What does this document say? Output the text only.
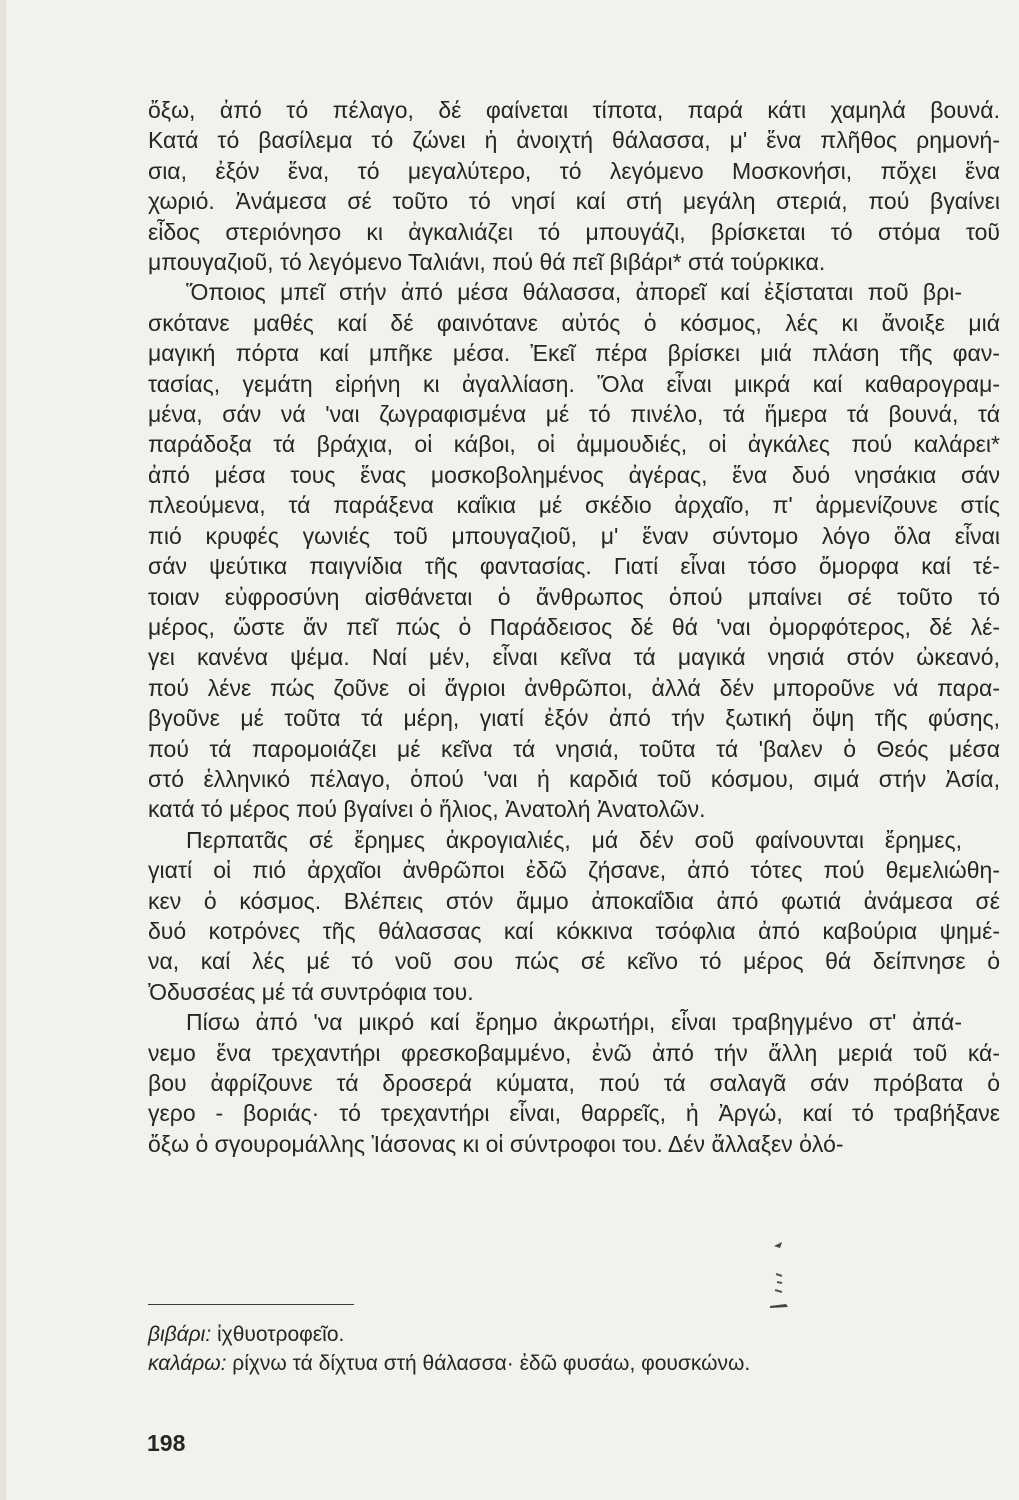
ὄξω, ἀπό τό πέλαγο, δέ φαίνεται τίποτα, παρά κάτι χαμηλά βουνά.
Κατά τό βασίλεμα τό ζώνει ἡ ἀνοιχτή θάλασσα, μ' ἕνα πλῆθος ρημονή-
σια, ἐξόν ἕνα, τό μεγαλύτερο, τό λεγόμενο Μοσκονήσι, πὄχει ἕνα
χωριό. Ἀνάμεσα σέ τοῦτο τό νησί καί στή μεγάλη στεριά, πού βγαίνει
εἶδος στεριόνησο κι ἀγκαλιάζει τό μπουγάζι, βρίσκεται τό στόμα τοῦ
μπουγαζιοῦ, τό λεγόμενο Ταλιάνι, πού θά πεῖ βιβάρι* στά τούρκικα.

Ὅποιος μπεῖ στήν ἀπό μέσα θάλασσα, ἀπορεῖ καί ἐξίσταται ποῦ βρι-
σκότανε μαθές καί δέ φαινότανε αὐτός ὁ κόσμος, λές κι ἄνοιξε μιά
μαγική πόρτα καί μπῆκε μέσα. Ἐκεῖ πέρα βρίσκει μιά πλάση τῆς φαν-
τασίας, γεμάτη εἰρήνη κι ἀγαλλίαση. Ὅλα εἶναι μικρά καί καθαρογραμ-
μένα, σάν νά 'ναι ζωγραφισμένα μέ τό πινέλο, τά ἥμερα τά βουνά, τά
παράδοξα τά βράχια, οἱ κάβοι, οἱ ἀμμουδιές, οἱ ἀγκάλες πού καλάρει*
ἀπό μέσα τους ἕνας μοσκοβολημένος ἀγέρας, ἕνα δυό νησάκια σάν
πλεούμενα, τά παράξενα καΐκια μέ σκέδιο ἀρχαῖο, π' ἀρμενίζουνε στίς
πιό κρυφές γωνιές τοῦ μπουγαζιοῦ, μ' ἕναν σύντομο λόγο ὅλα εἶναι
σάν ψεύτικα παιγνίδια τῆς φαντασίας. Γιατί εἶναι τόσο ὄμορφα καί τέ-
τοιαν εὐφροσύνη αἰσθάνεται ὁ ἄνθρωπος ὁπού μπαίνει σέ τοῦτο τό
μέρος, ὥστε ἄν πεῖ πώς ὁ Παράδεισος δέ θά 'ναι ὀμορφότερος, δέ λέ-
γει κανένα ψέμα. Ναί μέν, εἶναι κεῖνα τά μαγικά νησιά στόν ὠκεανό,
πού λένε πώς ζοῦνε οἱ ἄγριοι ἀνθρῶποι, ἀλλά δέν μποροῦνε νά παρα-
βγοῦνε μέ τοῦτα τά μέρη, γιατί ἐξόν ἀπό τήν ξωτική ὄψη τῆς φύσης,
πού τά παρομοιάζει μέ κεῖνα τά νησιά, τοῦτα τά 'βαλεν ὁ Θεός μέσα
στό ἑλληνικό πέλαγο, ὁπού 'ναι ἡ καρδιά τοῦ κόσμου, σιμά στήν Ἀσία,
κατά τό μέρος πού βγαίνει ὁ ἥλιος, Ἀνατολή Ἀνατολῶν.

Περπατᾶς σέ ἔρημες ἀκρογιαλιές, μά δέν σοῦ φαίνουνται ἔρημες,
γιατί οἱ πιό ἀρχαῖοι ἀνθρῶποι ἐδῶ ζήσανε, ἀπό τότες πού θεμελιώθη-
κεν ὁ κόσμος. Βλέπεις στόν ἄμμο ἀποκαΐδια ἀπό φωτιά ἀνάμεσα σέ
δυό κοτρόνες τῆς θάλασσας καί κόκκινα τσόφλια ἀπό καβούρια ψημέ-
να, καί λές μέ τό νοῦ σου πώς σέ κεῖνο τό μέρος θά δείπνησε ὁ
Ὀδυσσέας μέ τά συντρόφια του.

Πίσω ἀπό 'να μικρό καί ἔρημο ἀκρωτήρι, εἶναι τραβηγμένο στ' ἀπά-
νεμο ἕνα τρεχαντήρι φρεσκοβαμμένο, ἐνῶ ἀπό τήν ἄλλη μεριά τοῦ κά-
βου ἀφρίζουνε τά δροσερά κύματα, πού τά σαλαγᾶ σάν πρόβατα ὁ
γερο - βοριάς· τό τρεχαντήρι εἶναι, θαρρεῖς, ἡ Ἀργώ, καί τό τραβήξανε
ὄξω ὁ σγουρομάλλης Ἰάσονας κι οἱ σύντροφοι του. Δέν ἄλλαξεν ὀλό-

βιβάρι: ἰχθυοτροφεῖο.
καλάρω: ρίχνω τά δίχτυα στή θάλασσα· ἐδῶ φυσάω, φουσκώνω.
198
